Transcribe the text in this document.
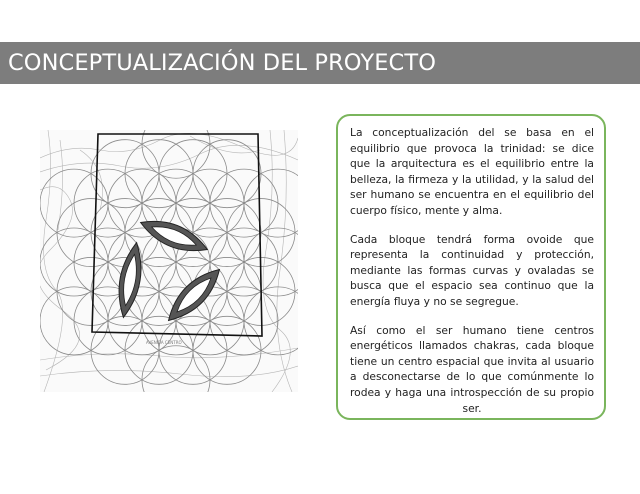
CONCEPTUALIZACIÓN DEL PROYECTO
AVENIDA CENTRO

La conceptualización del se basa en el equilibrio que provoca la trinidad: se dice que la arquitectura es el equilibrio entre la belleza, la firmeza y la utilidad, y la salud del ser humano se encuentra en el equilibrio del cuerpo físico, mente y alma.

Cada bloque tendrá forma ovoide que representa la continuidad y protección, mediante las formas curvas y ovaladas se busca que el espacio sea continuo que la energía fluya y no se segregue.

Así como el ser humano tiene centros energéticos llamados chakras, cada bloque tiene un centro espacial que invita al usuario a desconectarse de lo que comúnmente lo rodea y haga una introspección de su propio ser.
